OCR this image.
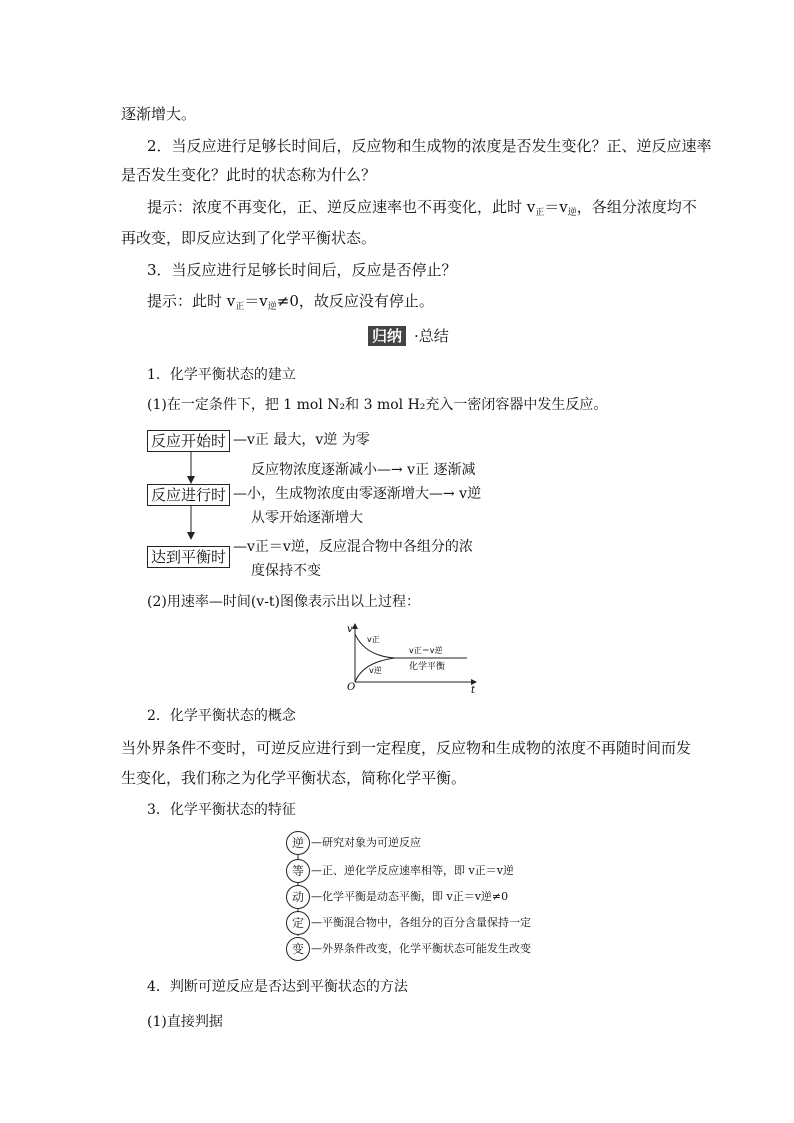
逐渐增大。
2．当反应进行足够长时间后，反应物和生成物的浓度是否发生变化？正、逆反应速率
是否发生变化？此时的状态称为什么？
提示：浓度不再变化，正、逆反应速率也不再变化，此时 $v_正=v_逆$，各组分浓度均不
再改变，即反应达到了化学平衡状态。
3．当反应进行足够长时间后，反应是否停止？
提示：此时 $v_正=v_逆\ne 0$，故反应没有停止。
归纳 ·总结
1．化学平衡状态的建立
(1)在一定条件下，把 1 mol N₂和 3 mol H₂充入一密闭容器中发生反应。
反应开始时
反应进行时
达到平衡时
—v正 最大，v逆 为零
反应物浓度逐渐减小—→ v正 逐渐减
—小，生成物浓度由零逐渐增大—→ v逆
从零开始逐渐增大
—v正＝v逆，反应混合物中各组分的浓
度保持不变
(2)用速率—时间(v-t)图像表示出以上过程：
v
t
O
v正
v逆
v正＝v逆
化学平衡
2．化学平衡状态的概念
当外界条件不变时，可逆反应进行到一定程度，反应物和生成物的浓度不再随时间而发
生变化，我们称之为化学平衡状态，简称化学平衡。
3．化学平衡状态的特征
逆 —研究对象为可逆反应
等 —正、逆化学反应速率相等，即 v正＝v逆
动 —化学平衡是动态平衡，即 v正＝v逆≠0
定 —平衡混合物中，各组分的百分含量保持一定
变 —外界条件改变，化学平衡状态可能发生改变
4．判断可逆反应是否达到平衡状态的方法
(1)直接判据
